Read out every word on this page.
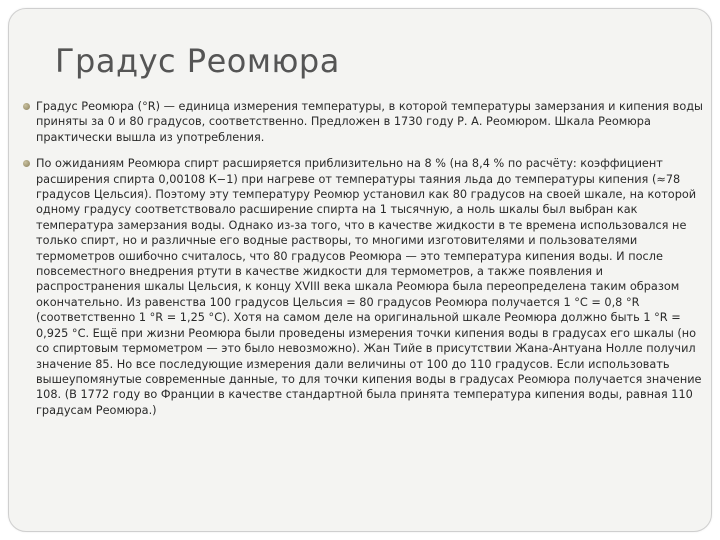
Градус Реомюра
Градус Реомюра (°R) — единица измерения температуры, в которой температуры замерзания и кипения воды приняты за 0 и 80 градусов, соответственно. Предложен в 1730 году Р. А. Реомюром. Шкала Реомюра практически вышла из употребления.
По ожиданиям Реомюра спирт расширяется приблизительно на 8 % (на 8,4 % по расчёту: коэффициент расширения спирта 0,00108 К−1) при нагреве от температуры таяния льда до температуры кипения (≈78 градусов Цельсия). Поэтому эту температуру Реомюр установил как 80 градусов на своей шкале, на которой одному градусу соответствовало расширение спирта на 1 тысячную, а ноль шкалы был выбран как температура замерзания воды. Однако из-за того, что в качестве жидкости в те времена использовался не только спирт, но и различные его водные растворы, то многими изготовителями и пользователями термометров ошибочно считалось, что 80 градусов Реомюра — это температура кипения воды. И после повсеместного внедрения ртути в качестве жидкости для термометров, а также появления и распространения шкалы Цельсия, к концу XVIII века шкала Реомюра была переопределена таким образом окончательно. Из равенства 100 градусов Цельсия = 80 градусов Реомюра получается 1 °C = 0,8 °R (соответственно 1 °R = 1,25 °C). Хотя на самом деле на оригинальной шкале Реомюра должно быть 1 °R = 0,925 °C. Ещё при жизни Реомюра были проведены измерения точки кипения воды в градусах его шкалы (но со спиртовым термометром — это было невозможно). Жан Тийе в присутствии Жана-Антуана Нолле получил значение 85. Но все последующие измерения дали величины от 100 до 110 градусов. Если использовать вышеупомянутые современные данные, то для точки кипения воды в градусах Реомюра получается значение 108. (В 1772 году во Франции в качестве стандартной была принята температура кипения воды, равная 110 градусам Реомюра.)
